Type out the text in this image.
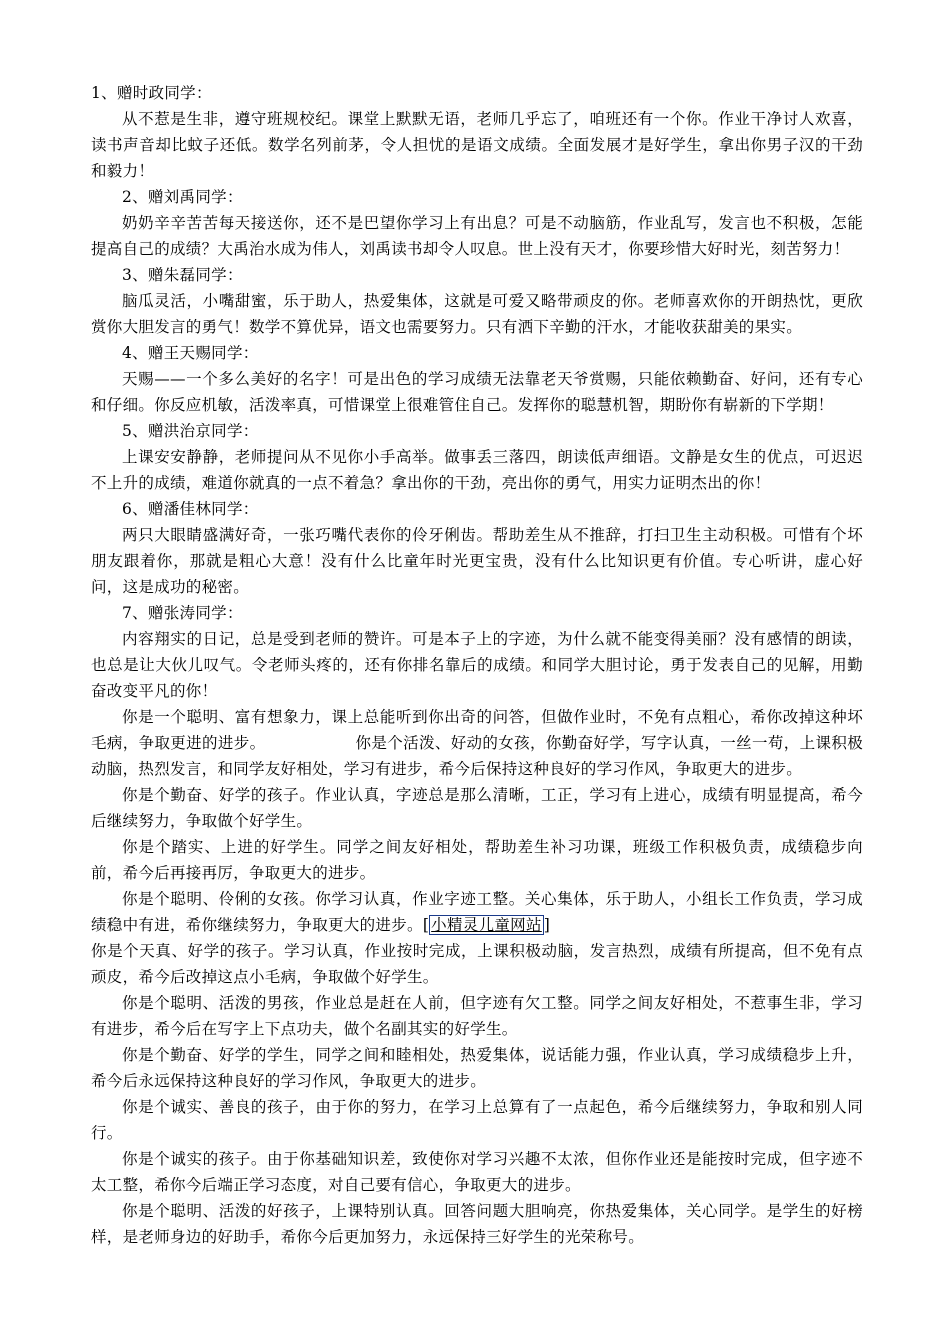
1、赠时政同学：

从不惹是生非，遵守班规校纪。课堂上默默无语，老师几乎忘了，咱班还有一个你。作业干净讨人欢喜，读书声音却比蚊子还低。数学名列前茅，令人担忧的是语文成绩。全面发展才是好学生，拿出你男子汉的干劲和毅力！

2、赠刘禹同学：

奶奶辛辛苦苦每天接送你，还不是巴望你学习上有出息？可是不动脑筋，作业乱写，发言也不积极，怎能提高自己的成绩？大禹治水成为伟人，刘禹读书却令人叹息。世上没有天才，你要珍惜大好时光，刻苦努力！

3、赠朱磊同学：

脑瓜灵活，小嘴甜蜜，乐于助人，热爱集体，这就是可爱又略带顽皮的你。老师喜欢你的开朗热忱，更欣赏你大胆发言的勇气！数学不算优异，语文也需要努力。只有洒下辛勤的汗水，才能收获甜美的果实。

4、赠王天赐同学：

天赐——一个多么美好的名字！可是出色的学习成绩无法靠老天爷赏赐，只能依赖勤奋、好问，还有专心和仔细。你反应机敏，活泼率真，可惜课堂上很难管住自己。发挥你的聪慧机智，期盼你有崭新的下学期！

5、赠洪治京同学：

上课安安静静，老师提问从不见你小手高举。做事丢三落四，朗读低声细语。文静是女生的优点，可迟迟不上升的成绩，难道你就真的一点不着急？拿出你的干劲，亮出你的勇气，用实力证明杰出的你！

6、赠潘佳林同学：

两只大眼睛盛满好奇，一张巧嘴代表你的伶牙俐齿。帮助差生从不推辞，打扫卫生主动积极。可惜有个坏朋友跟着你，那就是粗心大意！没有什么比童年时光更宝贵，没有什么比知识更有价值。专心听讲，虚心好问，这是成功的秘密。

7、赠张涛同学：

内容翔实的日记，总是受到老师的赞许。可是本子上的字迹，为什么就不能变得美丽？没有感情的朗读，也总是让大伙儿叹气。令老师头疼的，还有你排名靠后的成绩。和同学大胆讨论，勇于发表自己的见解，用勤奋改变平凡的你！

你是一个聪明、富有想象力，课上总能听到你出奇的问答，但做作业时，不免有点粗心，希你改掉这种坏毛病，争取更进的进步。	你是个活泼、好动的女孩，你勤奋好学，写字认真，一丝一苟，上课积极动脑，热烈发言，和同学友好相处，学习有进步，希今后保持这种良好的学习作风，争取更大的进步。

你是个勤奋、好学的孩子。作业认真，字迹总是那么清晰，工正，学习有上进心，成绩有明显提高，希今后继续努力，争取做个好学生。

你是个踏实、上进的好学生。同学之间友好相处，帮助差生补习功课，班级工作积极负责，成绩稳步向前，希今后再接再厉，争取更大的进步。

你是个聪明、伶俐的女孩。你学习认真，作业字迹工整。关心集体，乐于助人，小组长工作负责，学习成绩稳中有进，希你继续努力，争取更大的进步。[ 小精灵儿童网站 ]

你是个天真、好学的孩子。学习认真，作业按时完成，上课积极动脑，发言热烈，成绩有所提高，但不免有点顽皮，希今后改掉这点小毛病，争取做个好学生。

你是个聪明、活泼的男孩，作业总是赶在人前，但字迹有欠工整。同学之间友好相处，不惹事生非，学习有进步，希今后在写字上下点功夫，做个名副其实的好学生。

你是个勤奋、好学的学生，同学之间和睦相处，热爱集体，说话能力强，作业认真，学习成绩稳步上升，希今后永远保持这种良好的学习作风，争取更大的进步。

你是个诚实、善良的孩子，由于你的努力，在学习上总算有了一点起色，希今后继续努力，争取和别人同行。

你是个诚实的孩子。由于你基础知识差，致使你对学习兴趣不太浓，但你作业还是能按时完成，但字迹不太工整，希你今后端正学习态度，对自己要有信心，争取更大的进步。

你是个聪明、活泼的好孩子，上课特别认真。回答问题大胆响亮，你热爱集体，关心同学。是学生的好榜样，是老师身边的好助手，希你今后更加努力，永远保持三好学生的光荣称号。
